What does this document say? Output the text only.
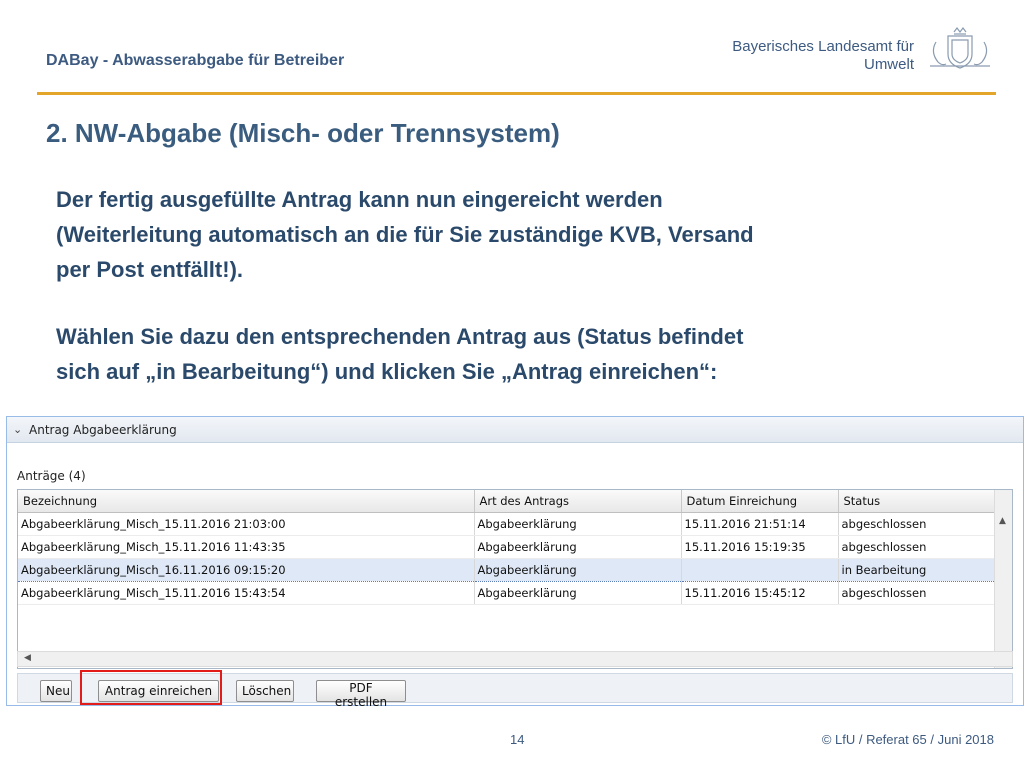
DABay - Abwasserabgabe für Betreiber
Bayerisches Landesamt für
Umwelt
2. NW-Abgabe (Misch- oder Trennsystem)
Der fertig ausgefüllte Antrag kann nun eingereicht werden
(Weiterleitung automatisch an die für Sie zuständige KVB, Versand
per Post entfällt!).
Wählen Sie dazu den entsprechenden Antrag aus (Status befindet
sich auf „in Bearbeitung“) und klicken Sie „Antrag einreichen“:
⌄ Antrag Abgabeerklärung
Anträge (4)
Bezeichnung	Art des Antrags	Datum Einreichung	Status
Abgabeerklärung_Misch_15.11.2016 21:03:00	Abgabeerklärung	15.11.2016 21:51:14	abgeschlossen
Abgabeerklärung_Misch_15.11.2016 11:43:35	Abgabeerklärung	15.11.2016 15:19:35	abgeschlossen
Abgabeerklärung_Misch_16.11.2016 09:15:20	Abgabeerklärung		in Bearbeitung
Abgabeerklärung_Misch_15.11.2016 15:43:54	Abgabeerklärung	15.11.2016 15:45:12	abgeschlossen
▲
◀
Neu	Antrag einreichen	Löschen	PDF erstellen
14	© LfU / Referat 65 / Juni 2018
